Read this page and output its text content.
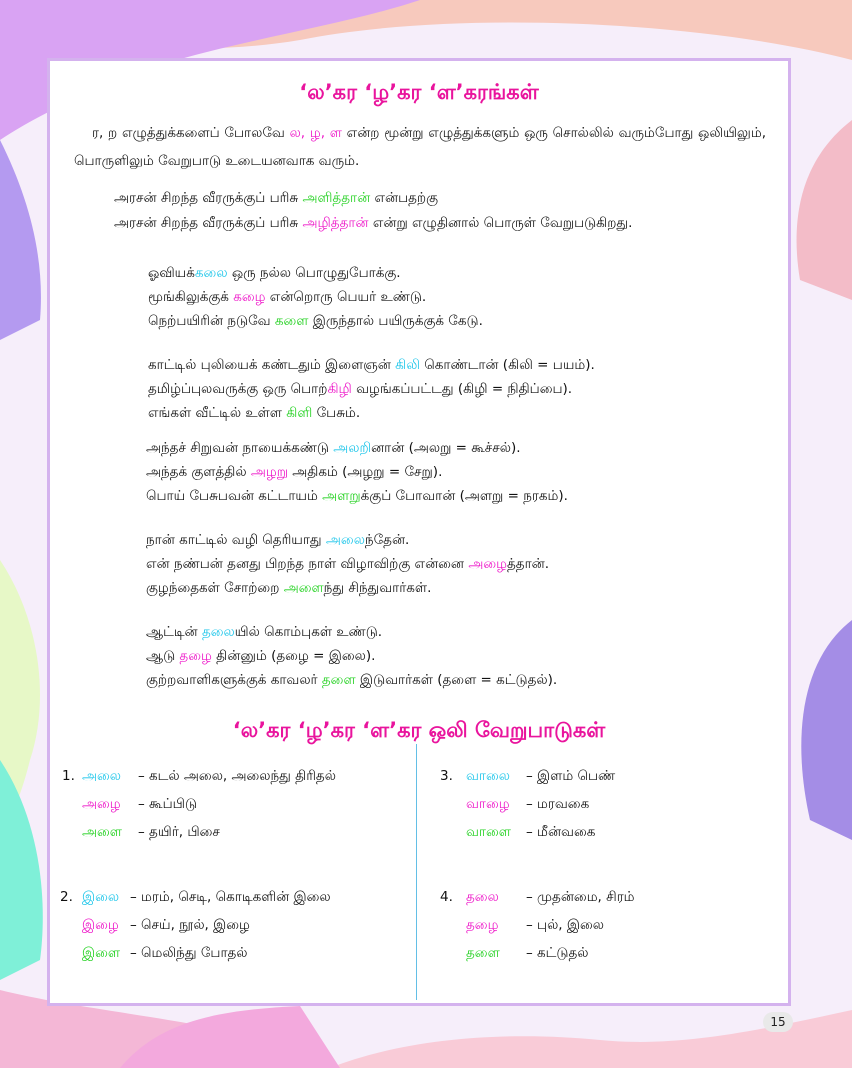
‘ல’கர ‘ழ’கர ‘ள’கரங்கள்
ர, ற எழுத்துக்களைப் போலவே ல, ழ, ள என்ற மூன்று எழுத்துக்களும் ஒரு சொல்லில் வரும்போது ஒலியிலும், பொருளிலும் வேறுபாடு உடையனவாக வரும்.
அரசன் சிறந்த வீரருக்குப் பரிசு அளித்தான் என்பதற்கு
அரசன் சிறந்த வீரருக்குப் பரிசு அழித்தான் என்று எழுதினால் பொருள் வேறுபடுகிறது.
ஓவியக்கலை ஒரு நல்ல பொழுதுபோக்கு.
மூங்கிலுக்குக் கழை என்றொரு பெயர் உண்டு.
நெற்பயிரின் நடுவே களை இருந்தால் பயிருக்குக் கேடு.
காட்டில் புலியைக் கண்டதும் இளைஞன் கிலி கொண்டான் (கிலி = பயம்).
தமிழ்ப்புலவருக்கு ஒரு பொற்கிழி வழங்கப்பட்டது (கிழி = நிதிப்பை).
எங்கள் வீட்டில் உள்ள கிளி பேசும்.
அந்தச் சிறுவன் நாயைக்கண்டு அலறினான் (அலறு = கூச்சல்).
அந்தக் குளத்தில் அழறு அதிகம் (அழறு = சேறு).
பொய் பேசுபவன் கட்டாயம் அளறுக்குப் போவான் (அளறு = நரகம்).
நான் காட்டில் வழி தெரியாது அலைந்தேன்.
என் நண்பன் தனது பிறந்த நாள் விழாவிற்கு என்னை அழைத்தான்.
குழந்தைகள் சோற்றை அளைந்து சிந்துவார்கள்.
ஆட்டின் தலையில் கொம்புகள் உண்டு.
ஆடு தழை தின்னும் (தழை = இலை).
குற்றவாளிகளுக்குக் காவலர் தளை இடுவார்கள் (தளை = கட்டுதல்).
‘ல’கர ‘ழ’கர ‘ள’கர ஒலி வேறுபாடுகள்
1. அலை – கடல் அலை, அலைந்து திரிதல்
அழை – கூப்பிடு
அளை – தயிர், பிசை
2. இலை – மரம், செடி, கொடிகளின் இலை
இழை – செய், நூல், இழை
இளை – மெலிந்து போதல்
3. வாலை – இளம் பெண்
வாழை – மரவகை
வாளை – மீன்வகை
4. தலை – முதன்மை, சிரம்
தழை – புல், இலை
தளை – கட்டுதல்
15
